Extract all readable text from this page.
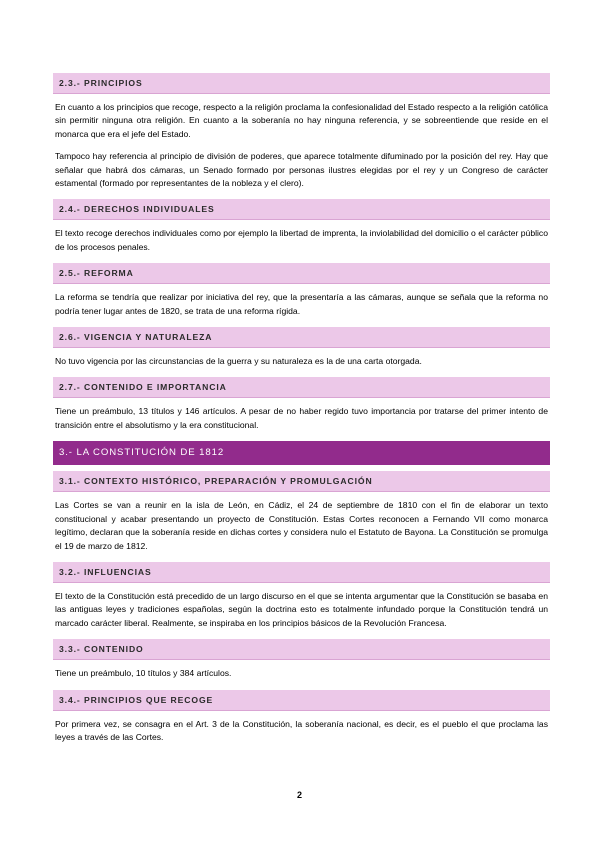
2.3.- PRINCIPIOS

En cuanto a los principios que recoge, respecto a la religión proclama la confesionalidad del Estado respecto a la religión católica sin permitir ninguna otra religión. En cuanto a la soberanía no hay ninguna referencia, y se sobreentiende que reside en el monarca que era el jefe del Estado.

Tampoco hay referencia al principio de división de poderes, que aparece totalmente difuminado por la posición del rey. Hay que señalar que habrá dos cámaras, un Senado formado por personas ilustres elegidas por el rey y un Congreso de carácter estamental (formado por representantes de la nobleza y el clero).

2.4.- DERECHOS INDIVIDUALES

El texto recoge derechos individuales como por ejemplo la libertad de imprenta, la inviolabilidad del domicilio o el carácter público de los procesos penales.

2.5.- REFORMA

La reforma se tendría que realizar por iniciativa del rey, que la presentaría a las cámaras, aunque se señala que la reforma no podría tener lugar antes de 1820, se trata de una reforma rígida.

2.6.- VIGENCIA Y NATURALEZA

No tuvo vigencia por las circunstancias de la guerra y su naturaleza es la de una carta otorgada.

2.7.- CONTENIDO E IMPORTANCIA

Tiene un preámbulo, 13 títulos y 146 artículos. A pesar de no haber regido tuvo importancia por tratarse del primer intento de transición entre el absolutismo y la era constitucional.

3.- LA CONSTITUCIÓN DE 1812
3.1.- CONTEXTO HISTÓRICO, PREPARACIÓN Y PROMULGACIÓN

Las Cortes se van a reunir en la isla de León, en Cádiz, el 24 de septiembre de 1810 con el fin de elaborar un texto constitucional y acabar presentando un proyecto de Constitución. Estas Cortes reconocen a Fernando VII como monarca legítimo, declaran que la soberanía reside en dichas cortes y considera nulo el Estatuto de Bayona. La Constitución se promulga el 19 de marzo de 1812.

3.2.- INFLUENCIAS

El texto de la Constitución está precedido de un largo discurso en el que se intenta argumentar que la Constitución se basaba en las antiguas leyes y tradiciones españolas, según la doctrina esto es totalmente infundado porque la Constitución tendrá un marcado carácter liberal. Realmente, se inspiraba en los principios básicos de la Revolución Francesa.

3.3.- CONTENIDO

Tiene un preámbulo, 10 títulos y 384 artículos.

3.4.- PRINCIPIOS QUE RECOGE

Por primera vez, se consagra en el Art. 3 de la Constitución, la soberanía nacional, es decir, es el pueblo el que proclama las leyes a través de las Cortes.

2
